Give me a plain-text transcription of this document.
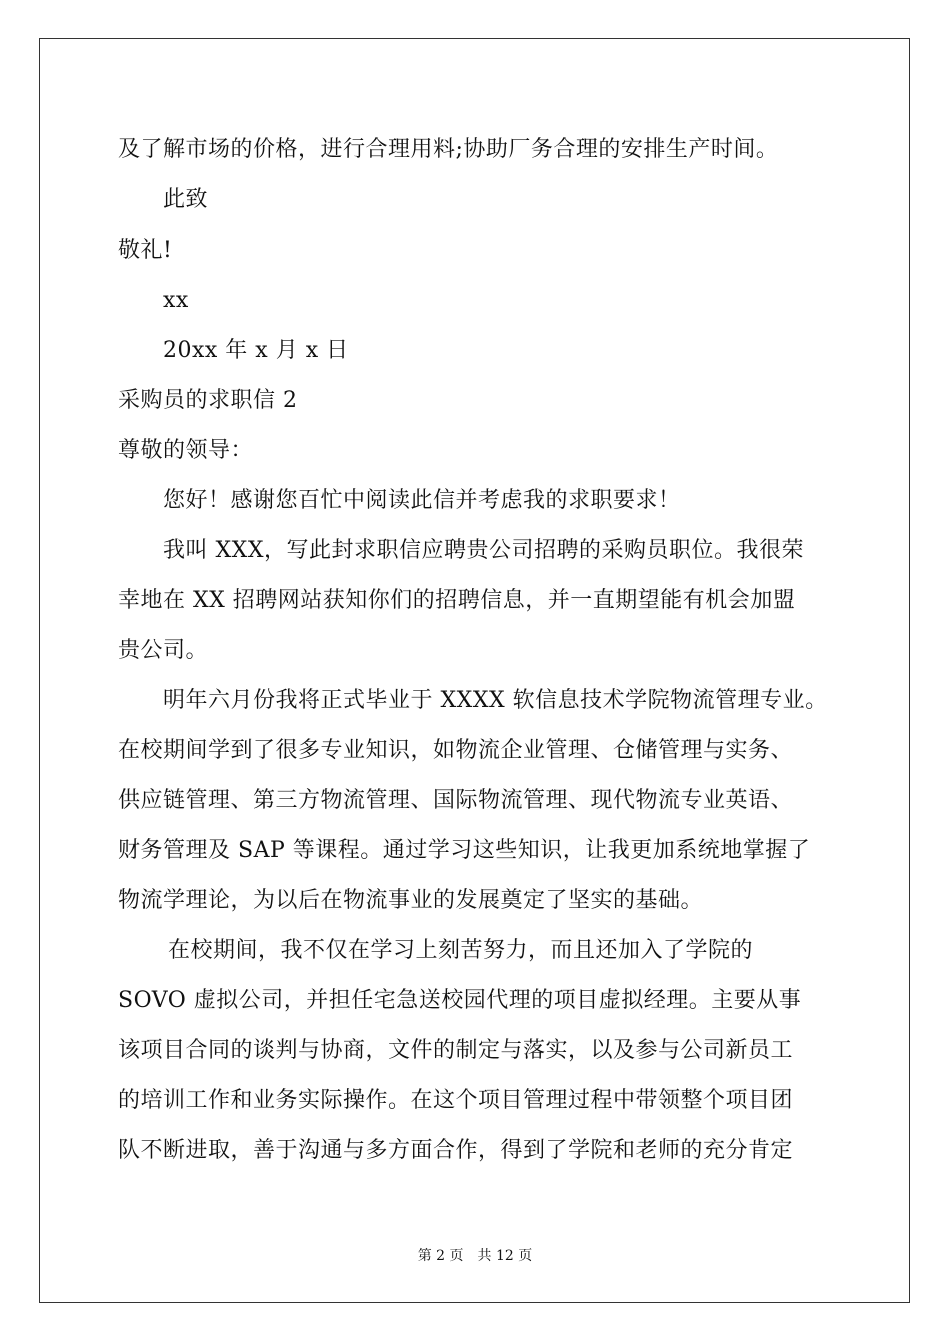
及了解市场的价格，进行合理用料;协助厂务合理的安排生产时间。
此致
敬礼!
xx
20xx 年 x 月 x 日
采购员的求职信 2
尊敬的领导：
您好！感谢您百忙中阅读此信并考虑我的求职要求！
我叫 XXX，写此封求职信应聘贵公司招聘的采购员职位。我很荣
幸地在 XX 招聘网站获知你们的招聘信息，并一直期望能有机会加盟
贵公司。
明年六月份我将正式毕业于 XXXX 软信息技术学院物流管理专业。
在校期间学到了很多专业知识，如物流企业管理、仓储管理与实务、
供应链管理、第三方物流管理、国际物流管理、现代物流专业英语、
财务管理及 SAP 等课程。通过学习这些知识，让我更加系统地掌握了
物流学理论，为以后在物流事业的发展奠定了坚实的基础。
在校期间，我不仅在学习上刻苦努力，而且还加入了学院的
SOVO 虚拟公司，并担任宅急送校园代理的项目虚拟经理。主要从事
该项目合同的谈判与协商，文件的制定与落实，以及参与公司新员工
的培训工作和业务实际操作。在这个项目管理过程中带领整个项目团
队不断进取，善于沟通与多方面合作，得到了学院和老师的充分肯定
第 2 页　共 12 页
